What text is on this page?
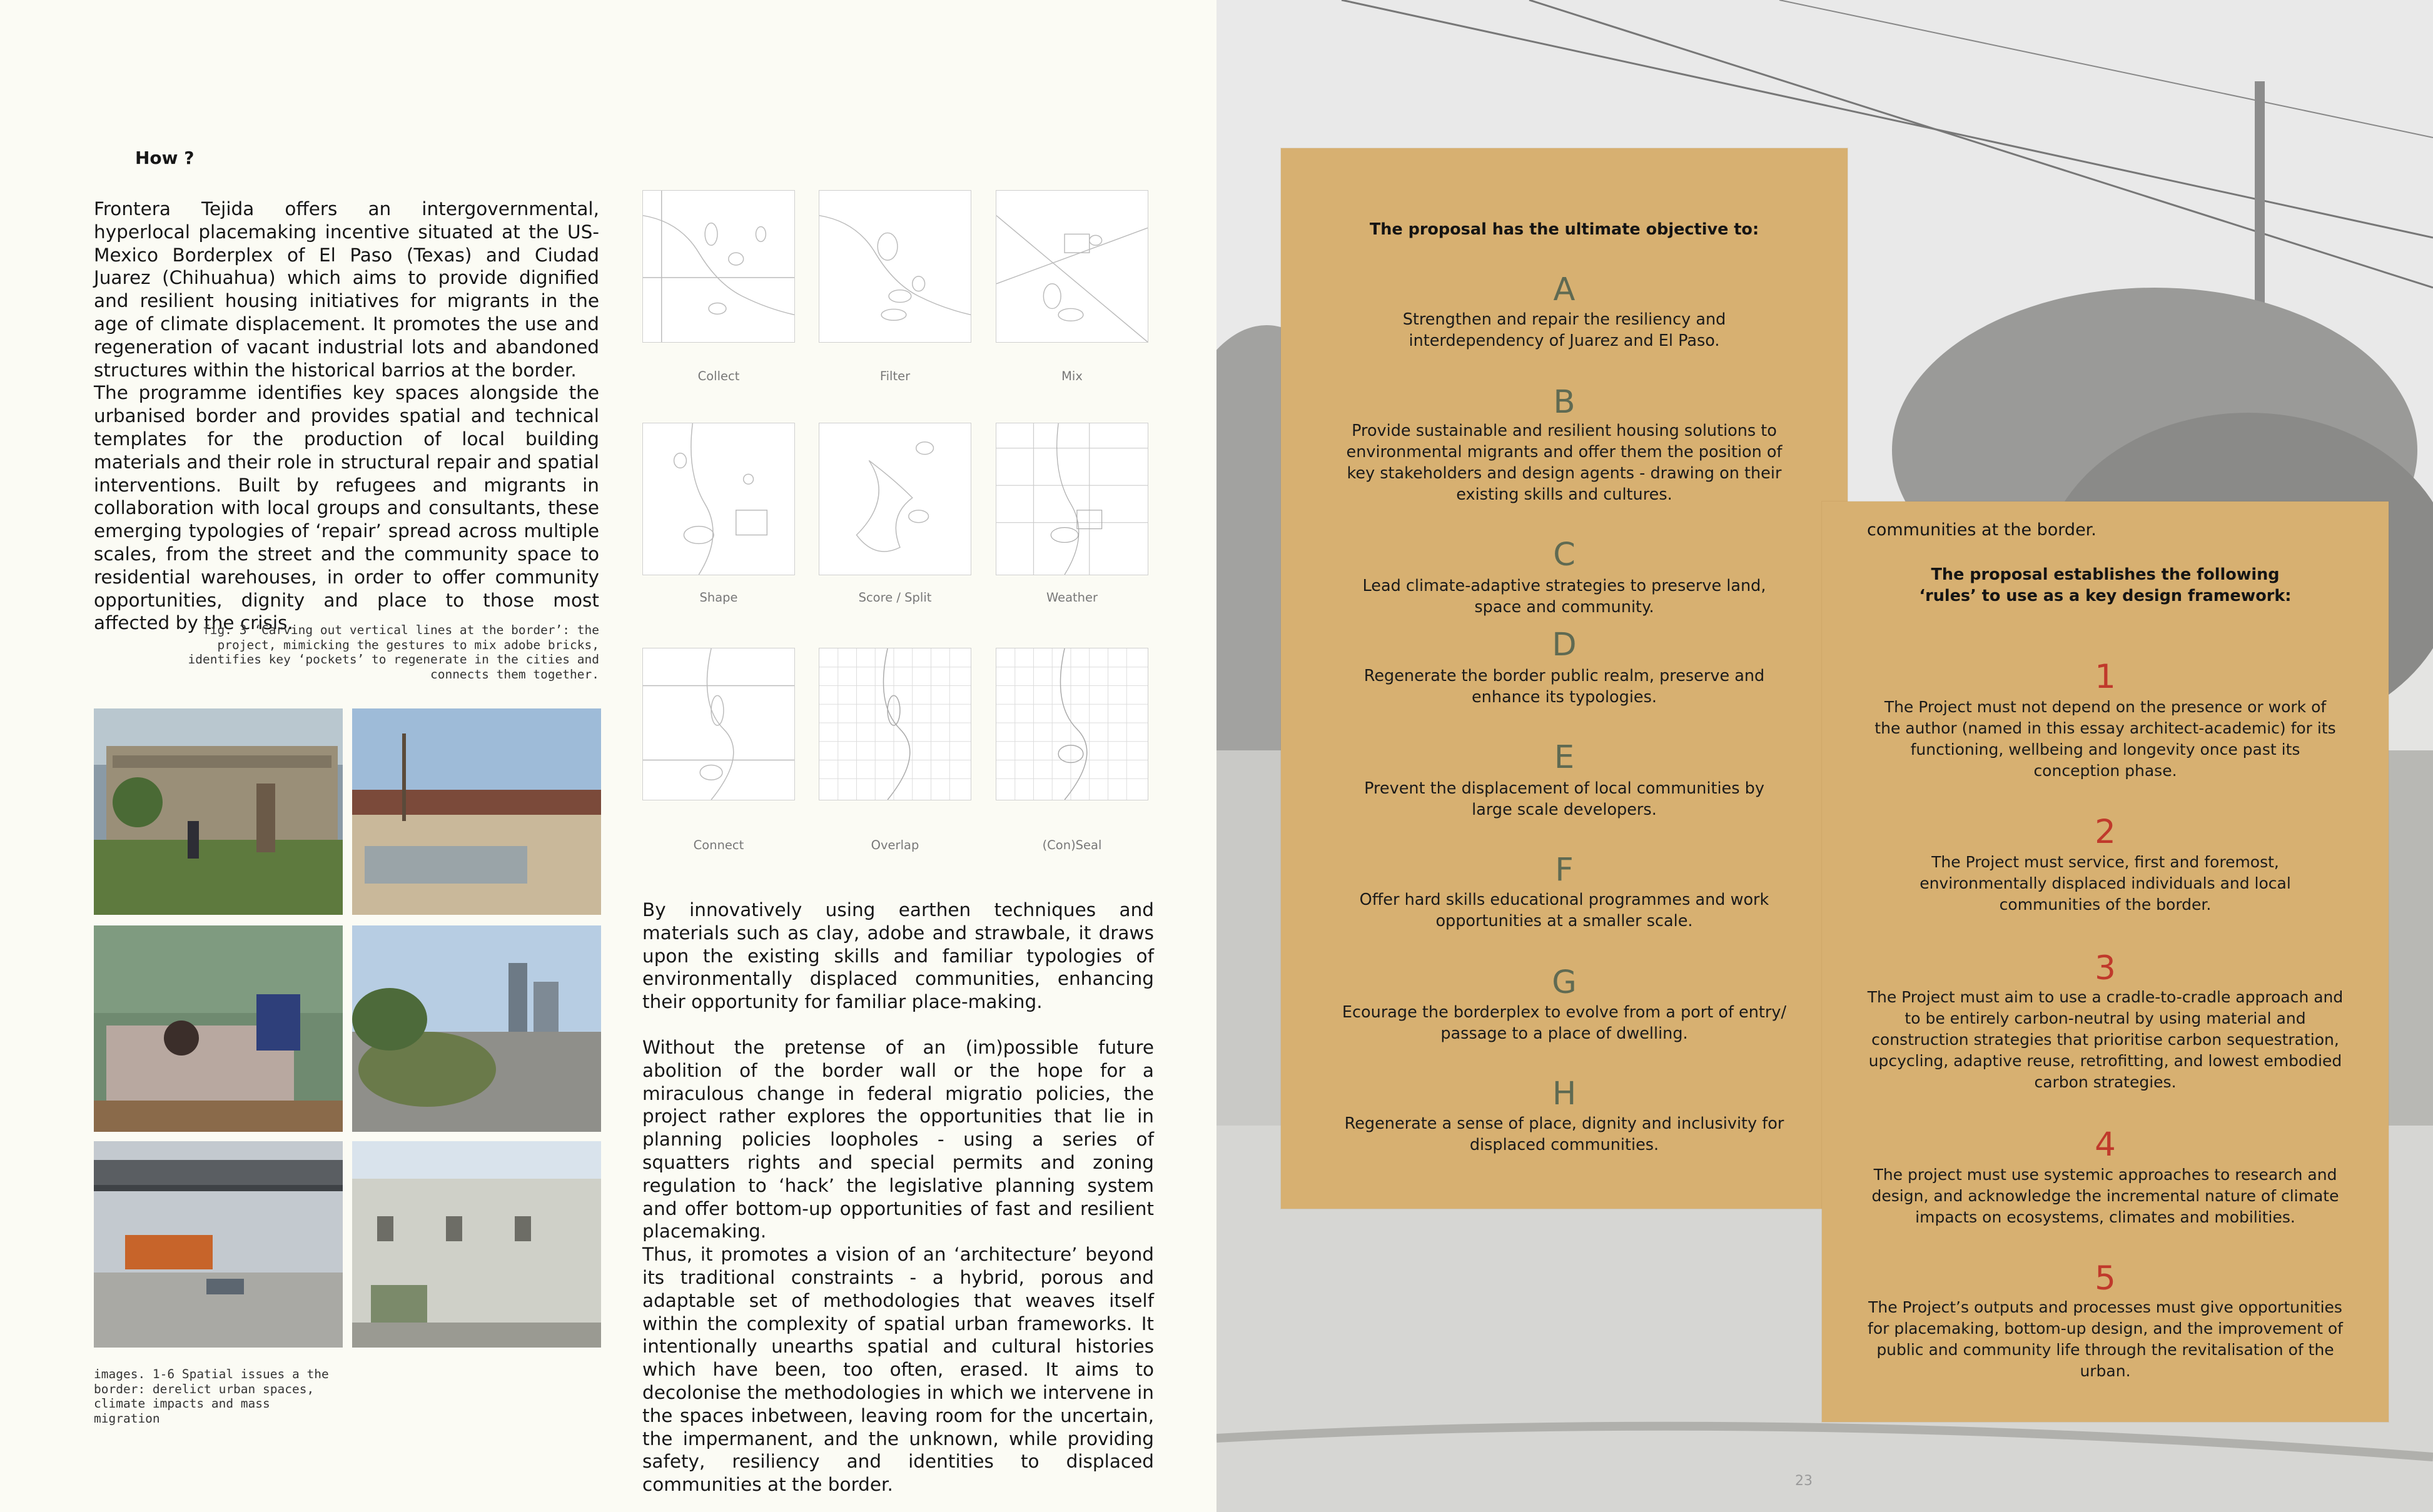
How ?

Frontera Tejida offers an intergovernmental, hyperlocal placemaking incentive situated at the US-Mexico Borderplex of El Paso (Texas) and Ciudad Juarez (Chihuahua) which aims to provide dignified and resilient housing initiatives for migrants in the age of climate displacement. It promotes the use and regeneration of vacant industrial lots and abandoned structures within the historical barrios at the border.

The programme identifies key spaces alongside the urbanised border and provides spatial and technical templates for the production of local building materials and their role in structural repair and spatial interventions. Built by refugees and migrants in collaboration with local groups and consultants, these emerging typologies of ‘repair’ spread across multiple scales, from the street and the community space to residential warehouses, in order to offer community opportunities, dignity and place to those most affected by the crisis.

fig. 3 ‘Carving out vertical lines at the border’: the project, mimicking the gestures to mix adobe bricks, identifies key ‘pockets’ to regenerate in the cities and connects them together.
images. 1-6 Spatial issues a the border: derelict urban spaces, climate impacts and mass migration
Collect	Filter	Mix
Shape	Score / Split	Weather
Connect	Overlap	(Con)Seal

By innovatively using earthen techniques and materials such as clay, adobe and strawbale, it draws upon the existing skills and familiar typologies of environmentally displaced communities, enhancing their opportunity for familiar place-making.

Without the pretense of an (im)possible future abolition of the border wall or the hope for a miraculous change in federal migratio policies, the project rather explores the opportunities that lie in planning policies loopholes - using a series of squatters rights and special permits and zoning regulation to ‘hack’ the legislative planning system and offer bottom-up opportunities of fast and resilient placemaking.

Thus, it promotes a vision of an ‘architecture’ beyond its traditional constraints - a hybrid, porous and adaptable set of methodologies that weaves itself within the complexity of spatial urban frameworks. It intentionally unearths spatial and cultural histories which have been, too often, erased. It aims to decolonise the methodologies in which we intervene in the spaces inbetween, leaving room for the uncertain, the impermanent, and the unknown, while providing safety, resiliency and identities to displaced communities at the border.

The proposal has the ultimate objective to:
A
Strengthen and repair the resiliency and interdependency of Juarez and El Paso.
B
Provide sustainable and resilient housing solutions to environmental migrants and offer them the position of key stakeholders and design agents - drawing on their existing skills and cultures.
C
Lead climate-adaptive strategies to preserve land, space and community.
D
Regenerate the border public realm, preserve and enhance its typologies.
E
Prevent the displacement of local communities by large scale developers.
F
Offer hard skills educational programmes and work opportunities at a smaller scale.
G
Ecourage the borderplex to evolve from a port of entry/ passage to a place of dwelling.
H
Regenerate a sense of place, dignity and inclusivity for displaced communities.
communities at the border.
The proposal establishes the following ‘rules’ to use as a key design framework:
1
The Project must not depend on the presence or work of the author (named in this essay architect-academic) for its functioning, wellbeing and longevity once past its conception phase.
2
The Project must service, first and foremost, environmentally displaced individuals and local communities of the border.
3
The Project must aim to use a cradle-to-cradle approach and to be entirely carbon-neutral by using material and construction strategies that prioritise carbon sequestration, upcycling, adaptive reuse, retrofitting, and lowest embodied carbon strategies.
4
The project must use systemic approaches to research and design, and acknowledge the incremental nature of climate impacts on ecosystems, climates and mobilities.
5
The Project’s outputs and processes must give opportunities for placemaking, bottom-up design, and the improvement of public and community life through the revitalisation of the urban.
23
